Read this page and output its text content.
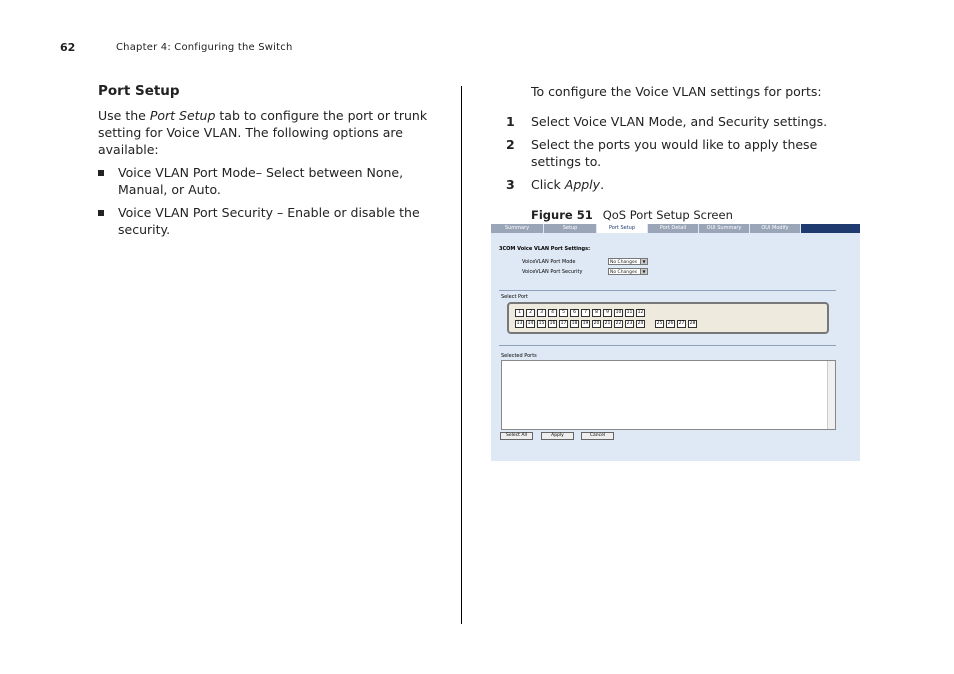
62	Chapter 4: Configuring the Switch
Port Setup
Use the Port Setup tab to configure the port or trunk setting for Voice VLAN. The following options are available:
Voice VLAN Port Mode– Select between None, Manual, or Auto.
Voice VLAN Port Security – Enable or disable the security.
To configure the Voice VLAN settings for ports:
1 Select Voice VLAN Mode, and Security settings.
2 Select the ports you would like to apply these settings to.
3 Click Apply.
Figure 51 QoS Port Setup Screen
Summary	Setup	Port Setup	Port Detail	OUI Summary	OUI Modify
3COM Voice VLAN Port Settings:
VoiceVLAN Port Mode	No Changes	▼
VoiceVLAN Port Security	No Changes	▼
Select Port
1	2	3	4	5	6	7	8	9	10	11	12
13	14	15	16	17	18	19	20	21	22	23	24	25	26	27	28
Selected Ports
Select All	Apply	Cancel
